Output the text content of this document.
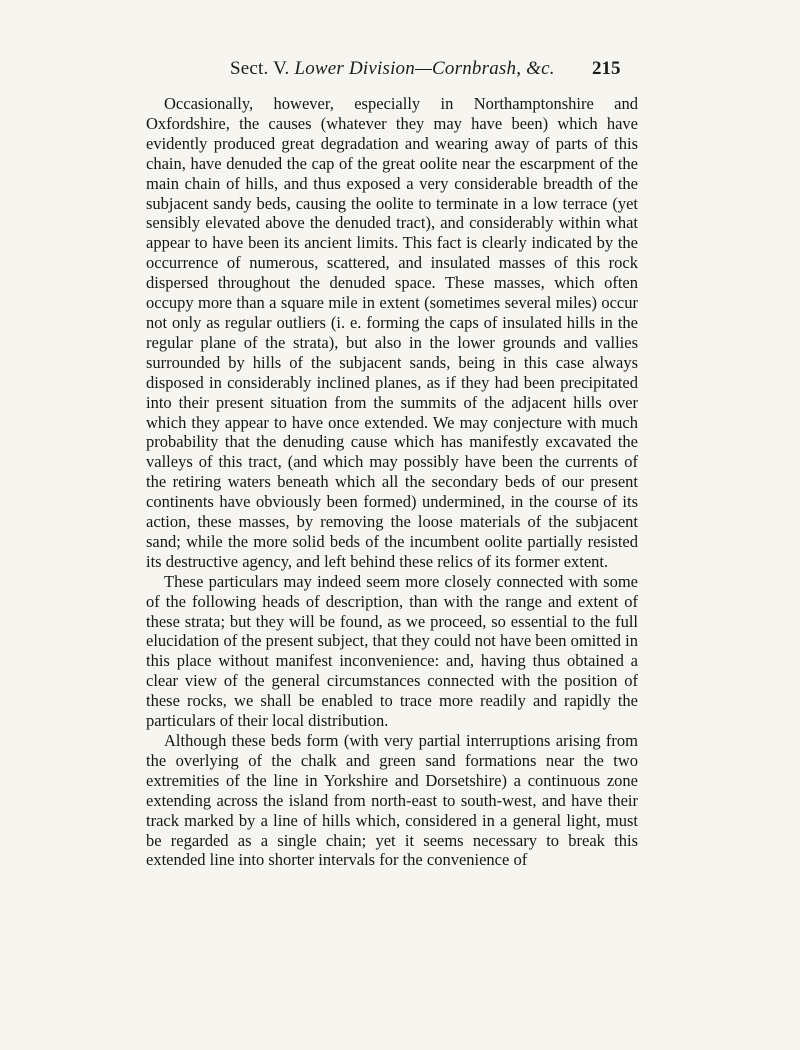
Sect. V. Lower Division—Cornbrash, &c. 215

Occasionally, however, especially in Northamptonshire and Oxfordshire, the causes (whatever they may have been) which have evidently produced great degradation and wearing away of parts of this chain, have denuded the cap of the great oolite near the escarpment of the main chain of hills, and thus exposed a very considerable breadth of the subjacent sandy beds, causing the oolite to terminate in a low terrace (yet sensibly elevated above the denuded tract), and considerably within what appear to have been its ancient limits. This fact is clearly indicated by the occurrence of numerous, scattered, and insulated masses of this rock dispersed throughout the denuded space. These masses, which often occupy more than a square mile in extent (sometimes several miles) occur not only as regular outliers (i. e. forming the caps of insulated hills in the regular plane of the strata), but also in the lower grounds and vallies surrounded by hills of the subjacent sands, being in this case always disposed in considerably inclined planes, as if they had been precipitated into their present situation from the summits of the adjacent hills over which they appear to have once extended. We may conjecture with much probability that the denuding cause which has manifestly excavated the valleys of this tract, (and which may possibly have been the currents of the retiring waters beneath which all the secondary beds of our present continents have obviously been formed) undermined, in the course of its action, these masses, by removing the loose materials of the subjacent sand; while the more solid beds of the incumbent oolite partially resisted its destructive agency, and left behind these relics of its former extent.

These particulars may indeed seem more closely connected with some of the following heads of description, than with the range and extent of these strata; but they will be found, as we proceed, so essential to the full elucidation of the present subject, that they could not have been omitted in this place without manifest inconvenience: and, having thus obtained a clear view of the general circumstances connected with the position of these rocks, we shall be enabled to trace more readily and rapidly the particulars of their local distribution.

Although these beds form (with very partial interruptions arising from the overlying of the chalk and green sand formations near the two extremities of the line in Yorkshire and Dorsetshire) a continuous zone extending across the island from north-east to south-west, and have their track marked by a line of hills which, considered in a general light, must be regarded as a single chain; yet it seems necessary to break this extended line into shorter intervals for the convenience of
